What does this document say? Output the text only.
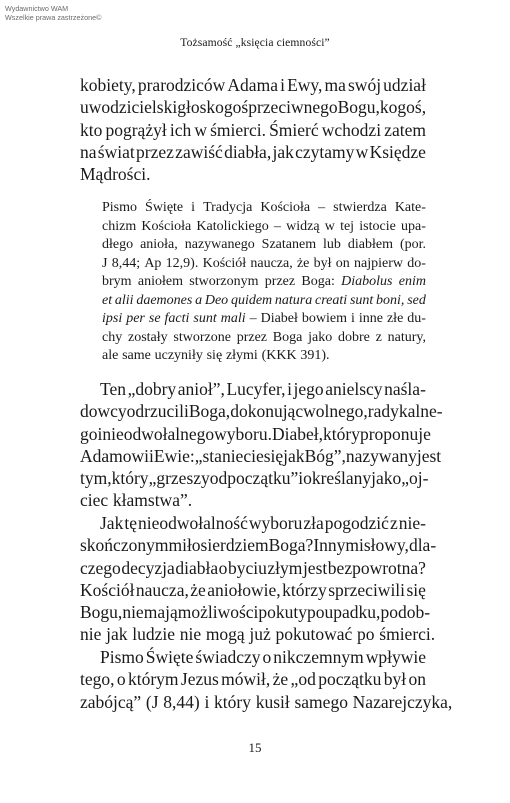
Wydawnictwo WAM
Wszelkie prawa zastrzeżone©
Tożsamość „księcia ciemności”
kobiety, prarodziców Adama i Ewy, ma swój udział
uwodzicielski głos kogoś przeciwnego Bogu, kogoś,
kto pogrążył ich w śmierci. Śmierć wchodzi zatem
na świat przez zawiść diabła, jak czytamy w Księdze
Mądrości.
Pismo Święte i Tradycja Kościoła – stwierdza Kate-
chizm Kościoła Katolickiego – widzą w tej istocie upa-
dłego anioła, nazywanego Szatanem lub diabłem (por.
J 8,44; Ap 12,9). Kościół naucza, że był on najpierw do-
brym aniołem stworzonym przez Boga: Diabolus enim
et alii daemones a Deo quidem natura creati sunt boni, sed
ipsi per se facti sunt mali – Diabeł bowiem i inne złe du-
chy zostały stworzone przez Boga jako dobre z natury,
ale same uczyniły się złymi (KKK 391).
Ten „dobry anioł”, Lucyfer, i jego anielscy naśla-
dowcy odrzucili Boga, dokonując wolnego, radykalne-
go i nieodwołalnego wyboru. Diabeł, który proponuje
Adamowi i Ewie: „staniecie się jak Bóg”, nazywany jest
tym, który „grzeszy od początku” i określany jako „oj-
ciec kłamstwa”.
Jak tę nieodwołalność wyboru zła pogodzić z nie-
skończonym miłosierdziem Boga? Innymi słowy, dla-
czego decyzja diabła o byciu złym jest bezpowrotna?
Kościół naucza, że aniołowie, którzy sprzeciwili się
Bogu, nie mają możliwości pokuty po upadku, podob-
nie jak ludzie nie mogą już pokutować po śmierci.
Pismo Święte świadczy o nikczemnym wpływie
tego, o którym Jezus mówił, że „od początku był on
zabójcą” (J 8,44) i który kusił samego Nazarejczyka,
15
